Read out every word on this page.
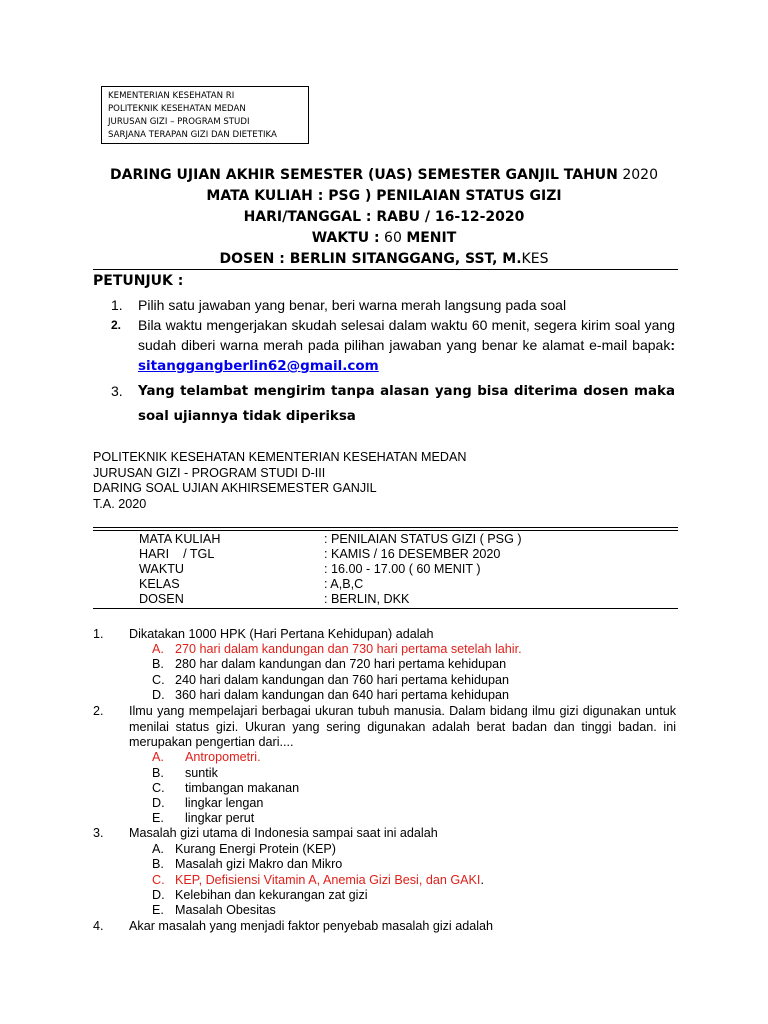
KEMENTERIAN KESEHATAN RI
POLITEKNIK KESEHATAN MEDAN
JURUSAN GIZI – PROGRAM STUDI
SARJANA TERAPAN GIZI DAN DIETETIKA
DARING UJIAN AKHIR SEMESTER (UAS) SEMESTER GANJIL TAHUN 2020
MATA KULIAH : PSG ) PENILAIAN STATUS GIZI
HARI/TANGGAL : RABU / 16-12-2020
WAKTU : 60 MENIT
DOSEN : BERLIN SITANGGANG, SST, M.KES
PETUNJUK :
1.	Pilih satu jawaban yang benar, beri warna merah langsung pada soal
2.	Bila waktu mengerjakan skudah selesai dalam waktu 60 menit, segera kirim soal yang sudah diberi warna merah pada pilihan jawaban yang benar ke alamat e-mail bapak: sitanggangberlin62@gmail.com
3.	Yang telambat mengirim tanpa alasan yang bisa diterima dosen maka soal ujiannya tidak diperiksa
POLITEKNIK KESEHATAN KEMENTERIAN KESEHATAN MEDAN
JURUSAN GIZI - PROGRAM STUDI D-III
DARING SOAL UJIAN AKHIRSEMESTER GANJIL
T.A. 2020
MATA KULIAH	: PENILAIAN STATUS GIZI ( PSG )
HARI    / TGL	: KAMIS / 16 DESEMBER 2020
WAKTU	: 16.00 - 17.00 ( 60 MENIT )
KELAS	: A,B,C
DOSEN	: BERLIN, DKK
1.	Dikatakan 1000 HPK (Hari Pertana Kehidupan) adalah
A. 270 hari dalam kandungan dan 730 hari pertama setelah lahir.
B. 280 har dalam kandungan dan 720 hari pertama kehidupan
C. 240 hari dalam kandungan dan 760 hari pertama kehidupan
D. 360 hari dalam kandungan dan 640 hari pertama kehidupan
2.	Ilmu yang mempelajari berbagai ukuran tubuh manusia. Dalam bidang ilmu gizi digunakan untuk menilai status gizi. Ukuran yang sering digunakan adalah berat badan dan tinggi badan. ini merupakan pengertian dari....
A. Antropometri.
B. suntik
C. timbangan makanan
D. lingkar lengan
E. lingkar perut
3.	Masalah gizi utama di Indonesia sampai saat ini adalah
A. Kurang Energi Protein (KEP)
B. Masalah gizi Makro dan Mikro
C. KEP, Defisiensi Vitamin A, Anemia Gizi Besi, dan GAKI.
D. Kelebihan dan kekurangan zat gizi
E. Masalah Obesitas
4.	Akar masalah yang menjadi faktor penyebab masalah gizi adalah
